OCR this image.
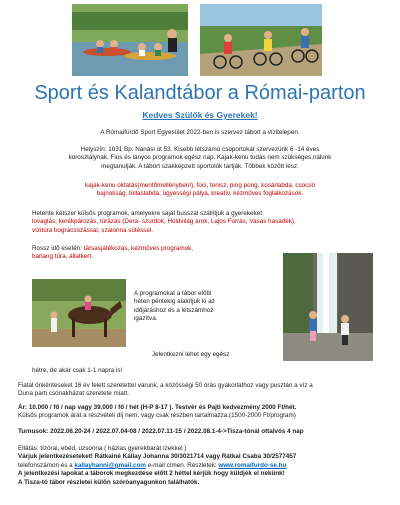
Sport és Kalandtábor a Római-parton
Kedves Szülők és Gyerekek!
A Rómaifürdő Sport Egyesület 2022-ben is szervez tábort a vízitelepen.
Helyszín: 1031 Bp. Nánási út 53. Kisebb létszámú csoportokat szervezünk 6 -14 éves
korosztálynak. Fiús és lányos programok egész nap. Kajak-kenu tudás nem szükséges,nálunk
megtanulják. A tábort szakképzett sportolók tartják. Többek között lesz:
kajak-kenu oktatás(mentőmellényben!), foci, tenisz, ping pong, kosárlabda, csocsó
bajnokság, tollaslabda, ügyességi pálya, kreatív, kézműves foglalkozások.
Hetente kétszer külsős programok, amelyekre saját busszal szállítjuk a gyerekeket:
lovaglás, kerékpározás, túrázás (Dera- szurdok, Holdvilág árok, Lajos Forrás, Vasas hasadék),
vízitúra bográcsozással, szalonna sütéssel.
Rossz idő esetén: társasjátékozás, kézműves programok,
barlang túra, állatkert.
A programokat a tábor előtti
héten péntekig alakítjuk ki az
időjáráshoz és a létszámhoz
igazítva.
Jelentkezni lehet egy egész
hétre, de akár csak 1-1 napra is!
Fiatal önkénteseket 16 év felett szeretettel várunk, a közösségi 50 órás gyakorlathoz vagy pusztán a víz a
Duna parti csónakházat szeretete miatt.
Ár: 10.000 / fő / nap vagy 39.000 / fő / hét (H-P 8-17 ). Testvér és Pajti kedvezmény 2000 Ft/hét.
Külsős programok árát a részvételi díj nem, vagy csak részben tartalmazza.(1500-2000 Ft/program)
Turnusok: 2022.06.20-24 / 2022.07.04-08 / 2022.07.11-15 / 2022.08.1-4->Tisza-tónál ottalvós 4 nap
Ellátás: tízórai, ebéd, uzsonna ( házias gyerekbarát ízekkel )
Várjuk jelentkezéseteket! Rátkainé Kállay Johanna 30/3021714 vagy Rátkai Csaba 30/2577457
telefonszámon és a kallayhanni@gmail.com e-mail címen. Részletek: www.romaifurdo-se.hu
A jelentkezési lapokat a táborok megkezdése előtt 2 héttel kérjük hogy küldjék el nekünk!
A Tisza-tó tábor részletei külön szóróanyagunkon találhatók.
